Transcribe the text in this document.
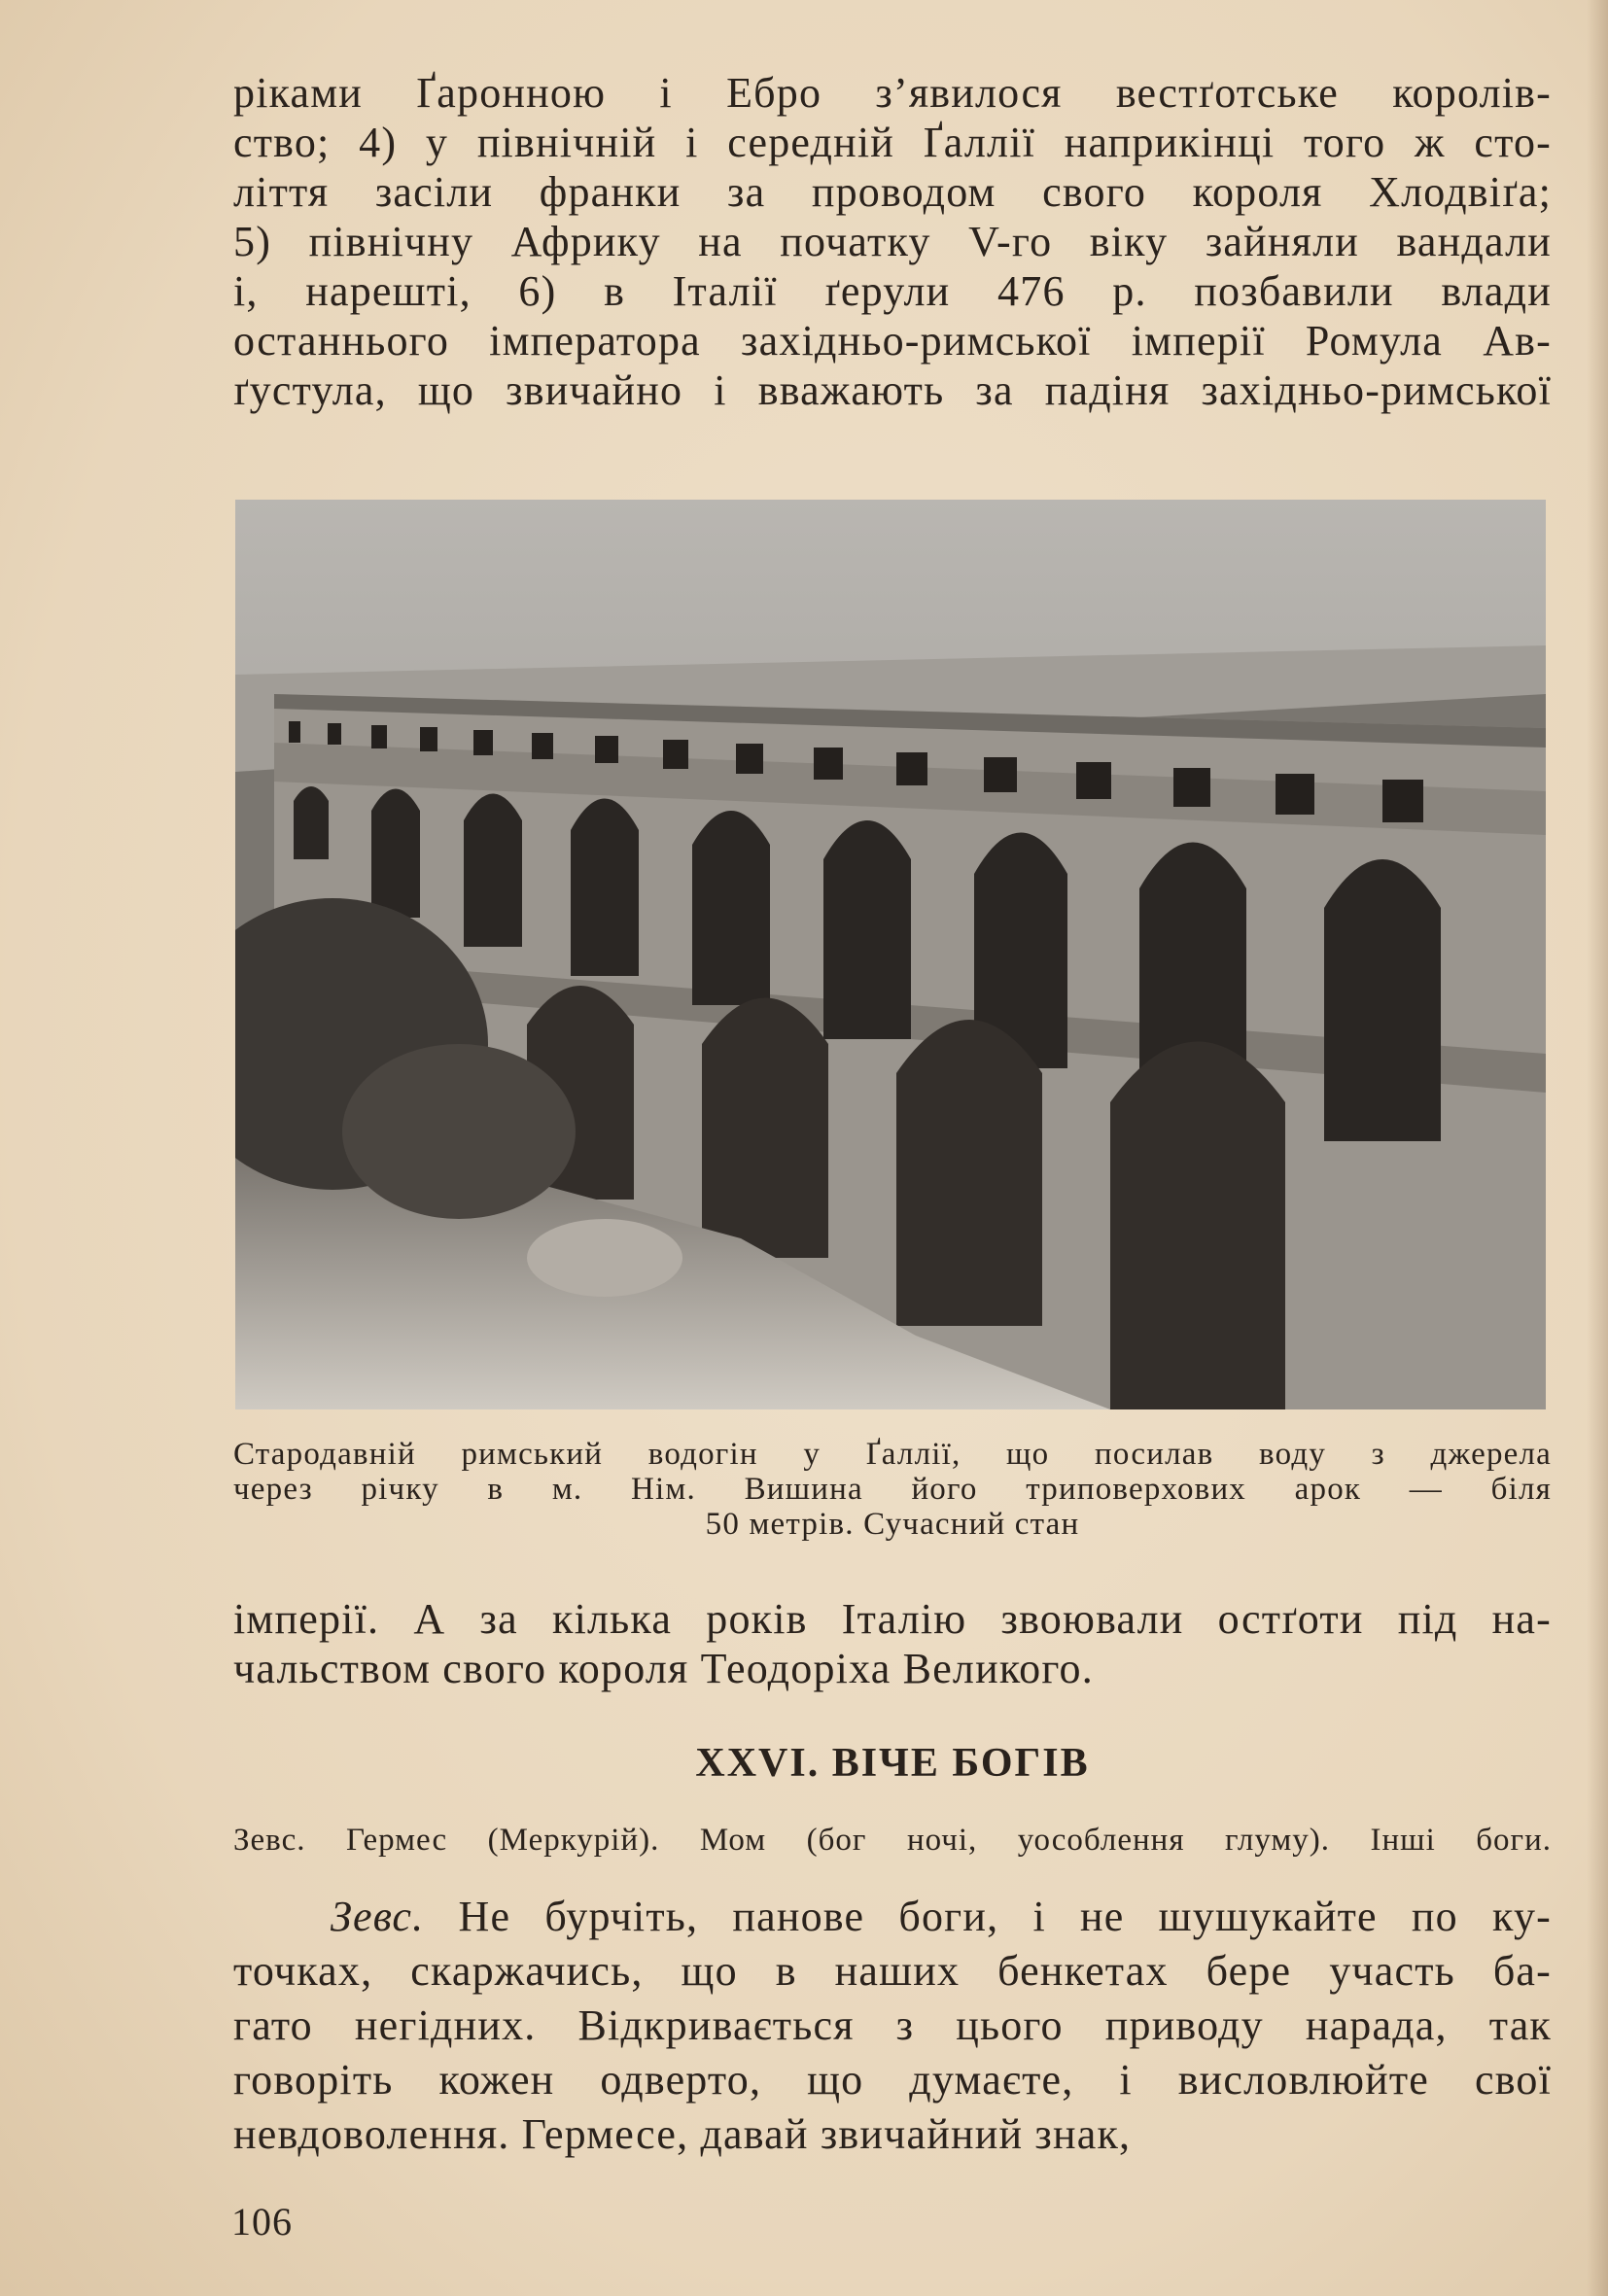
рiками Ґаронною i Ебро з’явилося вестґотське королiв-
ство; 4) у пiвнiчнiй i середнiй Ґаллiї наприкiнцi того ж сто-
лiття засiли франки за проводом свого короля Хлодвiґа;
5) пiвнiчну Африку на початку V-го вiку зайняли вандали
i, нарештi, 6) в Iталiї ґерули 476 р. позбавили влади
останнього iмператора захiдньо-римської iмперiї Ромула Ав-
ґустула, що звичайно i вважають за падiня захiдньо-римської
Стародавнiй римський водогiн у Ґаллiї, що посилав воду з джерела
через рiчку в м. Нiм. Вишина його триповерхових арок — бiля
50 метрiв. Сучасний стан
iмперiї. А за кiлька рокiв Iталiю звоювали остґоти пiд на-
чальством свого короля Теодорiха Великого.
XXVI. ВIЧЕ БОГIВ
Зевс. Гермес (Меркурiй). Мом (бог ночi, уособлення глуму). Iншi боги.
Зевс. Не бурчiть, панове боги, i не шушукайте по ку-
точках, скаржачись, що в наших бенкетах бере участь ба-
гато негiдних. Вiдкривається з цього приводу нарада, так
говорiть кожен одверто, що думаєте, i висловлюйте свої
невдоволення. Гермесе, давай звичайний знак,
106
